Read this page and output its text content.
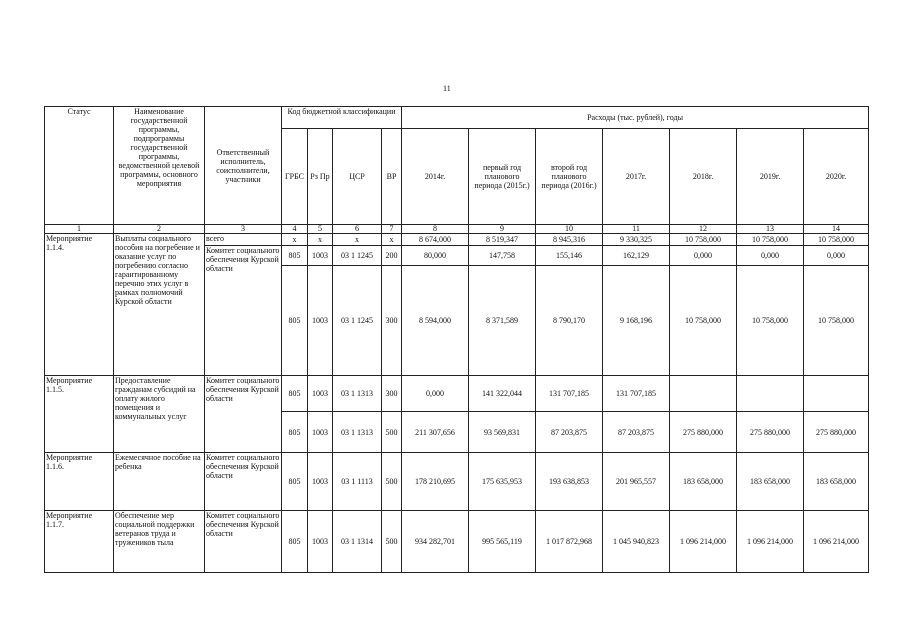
11
Статус	Наименование государственной программы, подпрограммы государственной программы, ведомственной целевой программы, основного мероприятия	Ответственный исполнитель, соисполнители, участники	Код бюджетной классификации				Расходы (тыс. рублей), годы						
			ГРБС	Рз Пр	ЦСР	ВР	2014г.	первый год планового периода (2015г.)	второй год планового периода (2016г.)	2017г.	2018г.	2019г.	2020г.
1	2	3	4	5	6	7	8	9	10	11	12	13	14
Мероприятие 1.1.4.	Выплаты социального пособия на погребение и оказание услуг по погребению согласно гарантированному перечню этих услуг в рамках полномочий Курской области	всего	х	х	х	х	8 674,000	8 519,347	8 945,316	9 330,325	10 758,000	10 758,000	10 758,000
		Комитет социального обеспечения Курской области	805	1003	03 1 1245	200	80,000	147,758	155,146	162,129	0,000	0,000	0,000
			805	1003	03 1 1245	300	8 594,000	8 371,589	8 790,170	9 168,196	10 758,000	10 758,000	10 758,000
Мероприятие 1.1.5.	Предоставление гражданам субсидий на оплату жилого помещения и коммунальных услуг	Комитет социального обеспечения Курской области	805	1003	03 1 1313	300	0,000	141 322,044	131 707,185	131 707,185			
			805	1003	03 1 1313	500	211 307,656	93 569,831	87 203,875	87 203,875	275 880,000	275 880,000	275 880,000
Мероприятие 1.1.6.	Ежемесячное пособие на ребенка	Комитет социального обеспечения Курской области	805	1003	03 1 1113	500	178 210,695	175 635,953	193 638,853	201 965,557	183 658,000	183 658,000	183 658,000
Мероприятие 1.1.7.	Обеспечение мер социальной поддержки ветеранов труда и тружеников тыла	Комитет социального обеспечения Курской области	805	1003	03 1 1314	500	934 282,701	995 565,119	1 017 872,968	1 045 940,823	1 096 214,000	1 096 214,000	1 096 214,000
